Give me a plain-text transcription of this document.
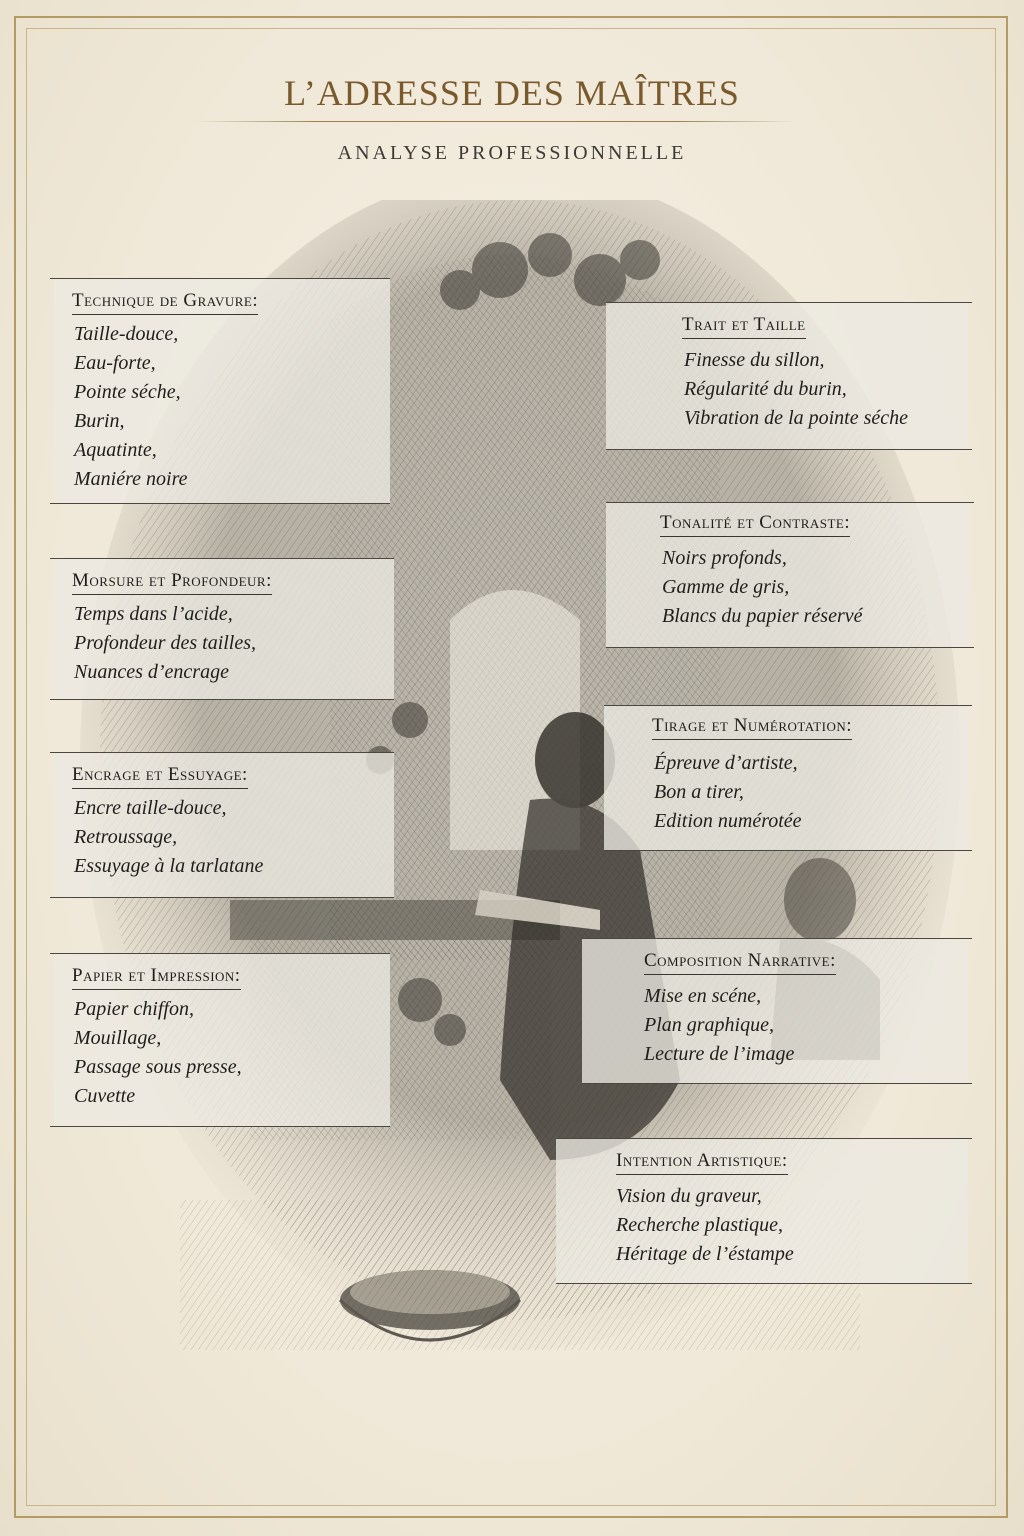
L’ADRESSE DES MAÎTRES
ANALYSE PROFESSIONNELLE
Technique de Gravure:
Taille-douce,
Eau-forte,
Pointe séche,
Burin,
Aquatinte,
Maniére noire
Morsure et Profondeur:
Temps dans l’acide,
Profondeur des tailles,
Nuances d’encrage
Encrage et Essuyage:
Encre taille-douce,
Retroussage,
Essuyage à la tarlatane
Papier et Impression:
Papier chiffon,
Mouillage,
Passage sous presse,
Cuvette
Trait et Taille
Finesse du sillon,
Régularité du burin,
Vibration de la pointe séche
Tonalité et Contraste:
Noirs profonds,
Gamme de gris,
Blancs du papier réservé
Tirage et Numérotation:
Épreuve d’artiste,
Bon a tirer,
Edition numérotée
Composition Narrative:
Mise en scéne,
Plan graphique,
Lecture de l’image
Intention Artistique:
Vision du graveur,
Recherche plastique,
Héritage de l’éstampe
